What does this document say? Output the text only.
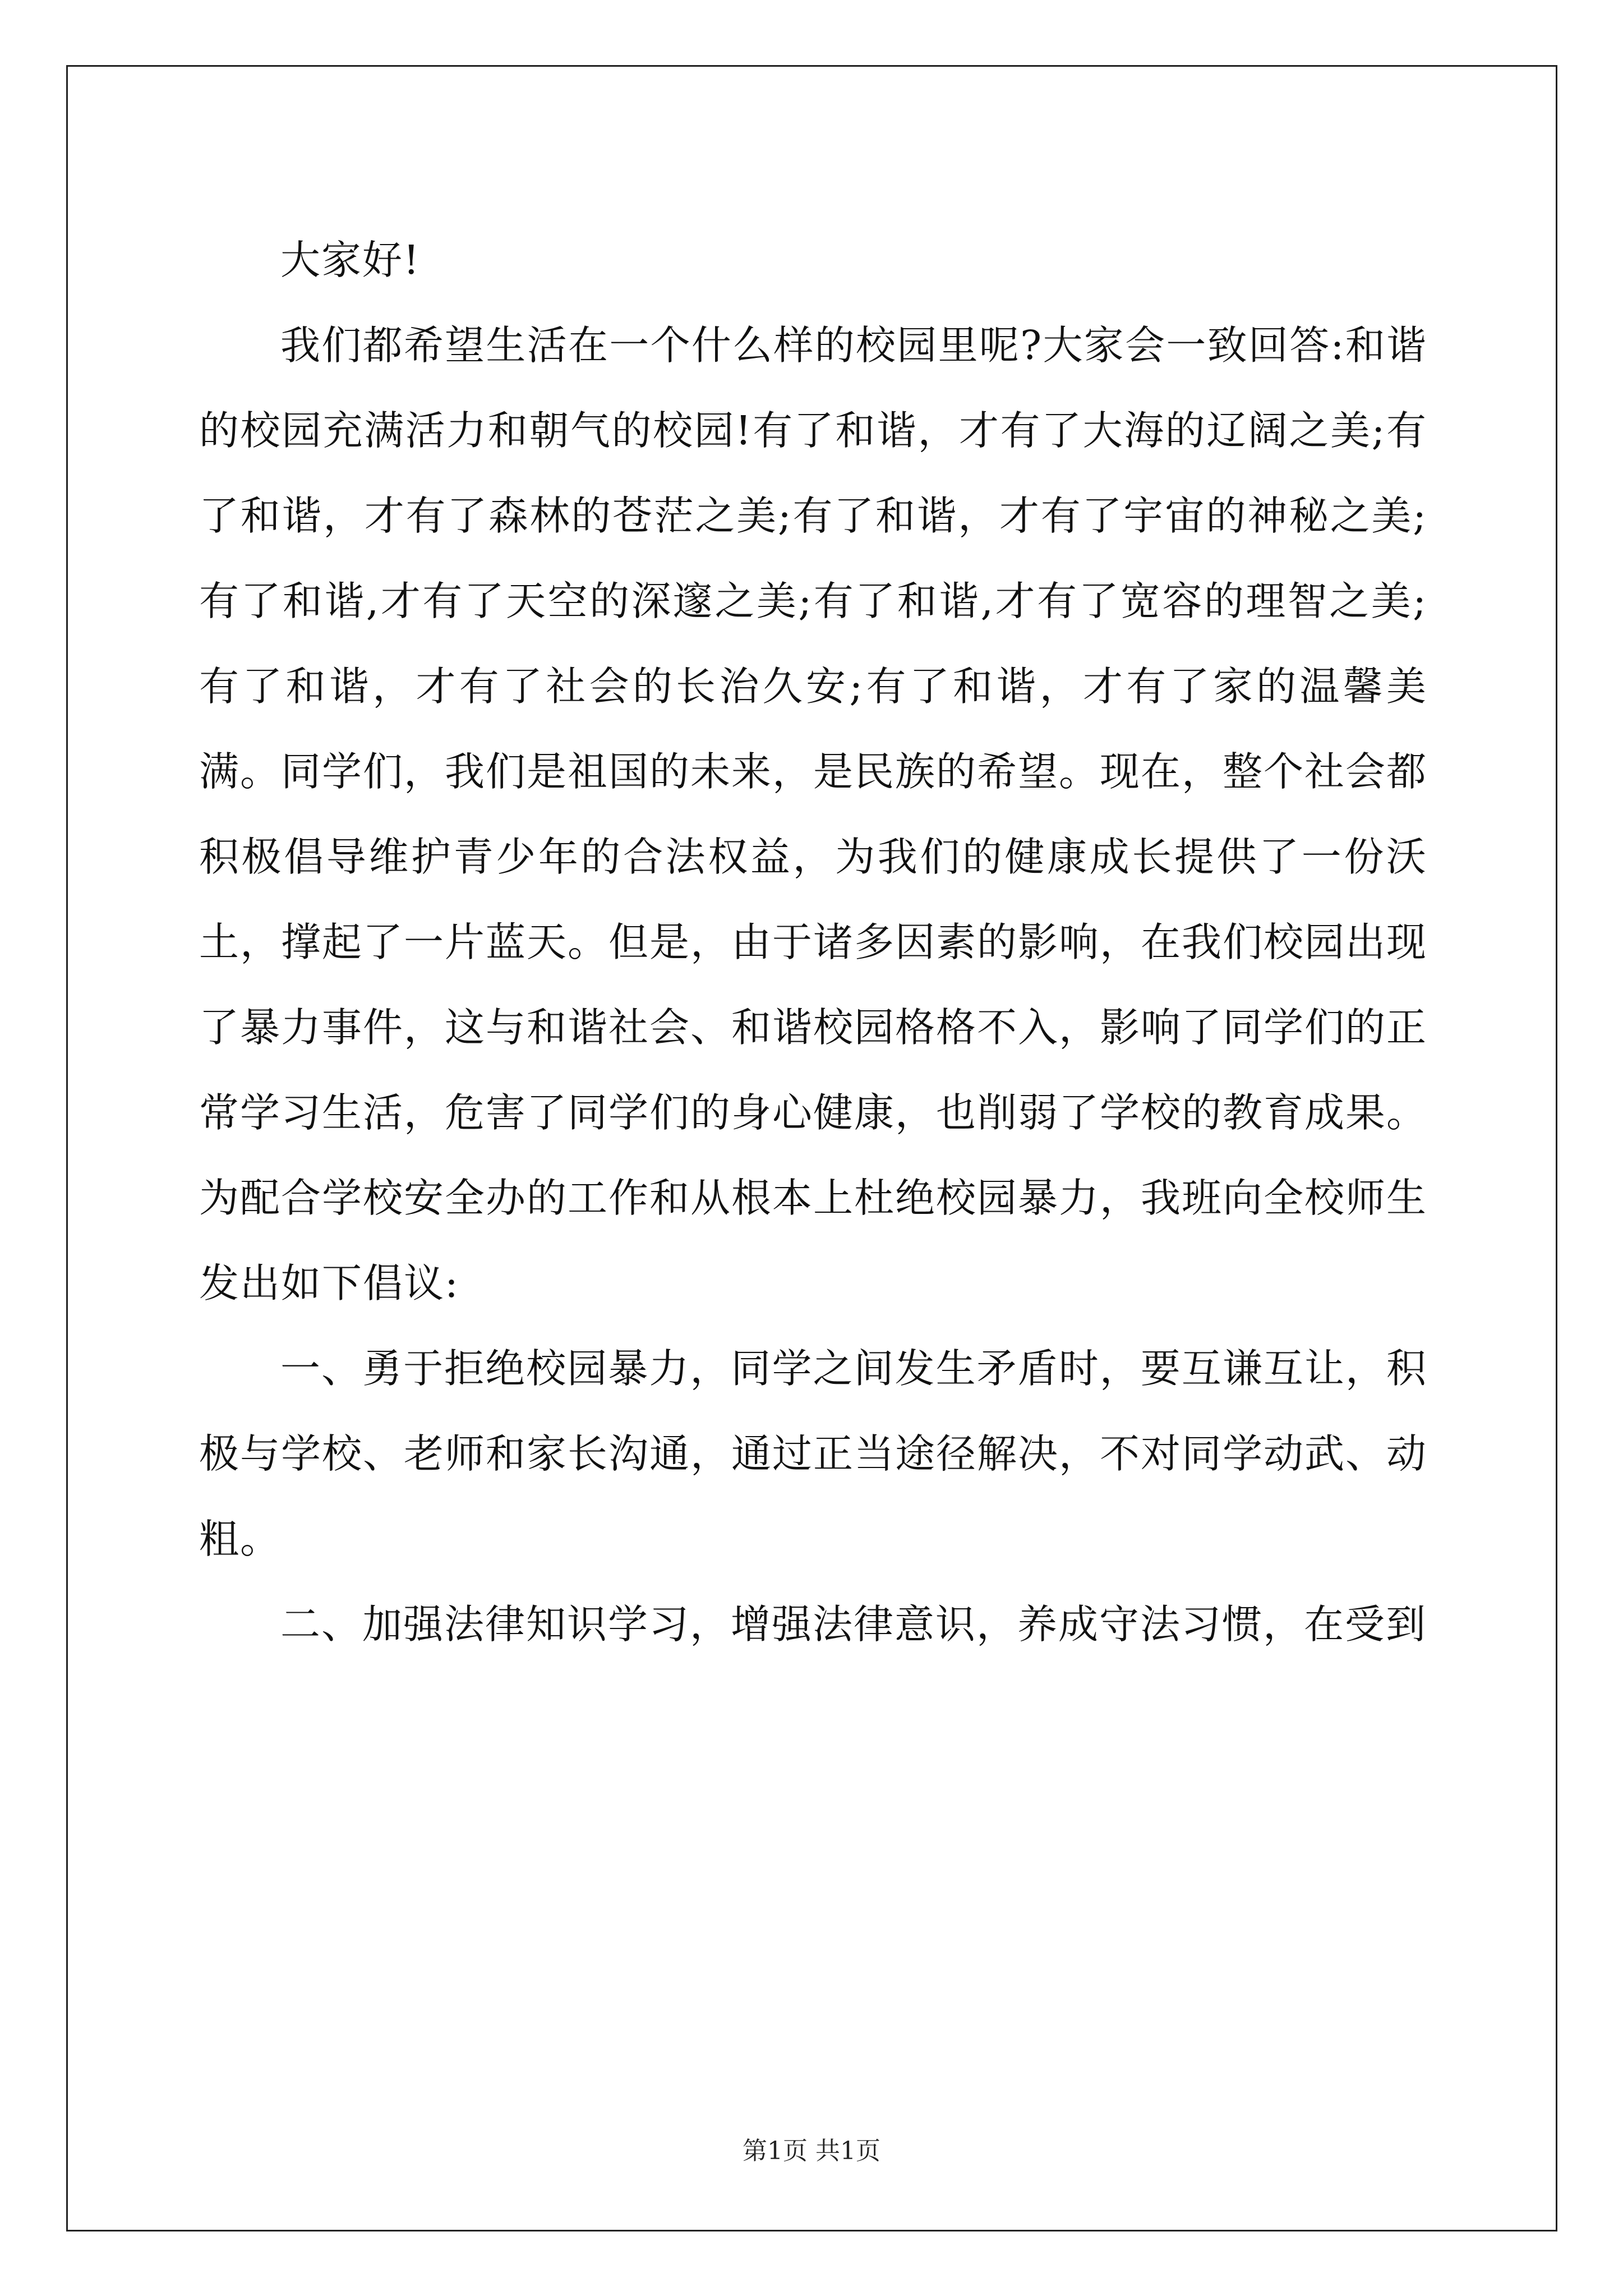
大家好!

我们都希望生活在一个什么样的校园里呢?大家会一致回答:和谐的校园充满活力和朝气的校园!有了和谐，才有了大海的辽阔之美;有了和谐，才有了森林的苍茫之美;有了和谐，才有了宇宙的神秘之美;有了和谐,才有了天空的深邃之美;有了和谐,才有了宽容的理智之美;有了和谐，才有了社会的长治久安;有了和谐，才有了家的温馨美满。同学们，我们是祖国的未来，是民族的希望。现在，整个社会都积极倡导维护青少年的合法权益，为我们的健康成长提供了一份沃土，撑起了一片蓝天。但是，由于诸多因素的影响，在我们校园出现了暴力事件，这与和谐社会、和谐校园格格不入，影响了同学们的正常学习生活，危害了同学们的身心健康，也削弱了学校的教育成果。为配合学校安全办的工作和从根本上杜绝校园暴力，我班向全校师生发出如下倡议:

一、勇于拒绝校园暴力，同学之间发生矛盾时，要互谦互让，积极与学校、老师和家长沟通，通过正当途径解决，不对同学动武、动粗。

二、加强法律知识学习，增强法律意识，养成守法习惯，在受到

第1页 共1页
